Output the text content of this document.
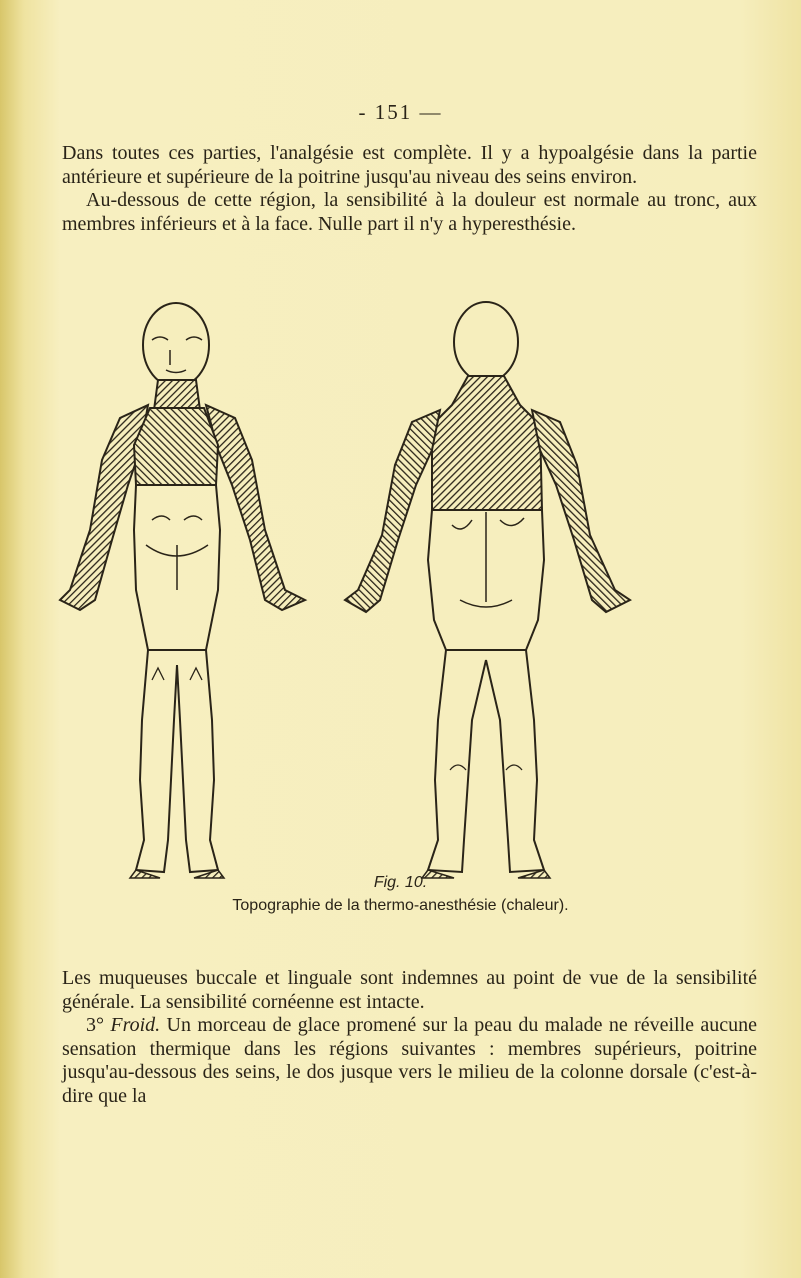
- 151 —

Dans toutes ces parties, l'analgésie est complète. Il y a hypoalgésie dans la partie antérieure et supérieure de la poitrine jusqu'au niveau des seins environ.

Au-dessous de cette région, la sensibilité à la douleur est normale au tronc, aux membres inférieurs et à la face. Nulle part il n'y a hyperesthésie.

Fig. 10.
Topographie de la thermo-anesthésie (chaleur).

Les muqueuses buccale et linguale sont indemnes au point de vue de la sensibilité générale. La sensibilité cornéenne est intacte.

3° Froid. Un morceau de glace promené sur la peau du malade ne réveille aucune sensation thermique dans les régions suivantes : membres supérieurs, poitrine jusqu'au-dessous des seins, le dos jusque vers le milieu de la colonne dorsale (c'est-à-dire que la
